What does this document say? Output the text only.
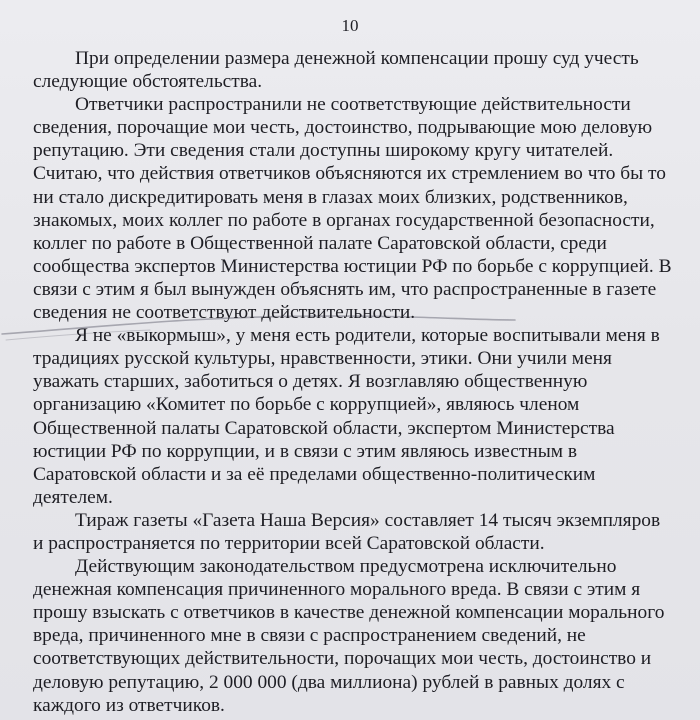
10
При определении размера денежной компенсации прошу суд учесть
следующие обстоятельства.
Ответчики распространили не соответствующие действительности
сведения, порочащие мои честь, достоинство, подрывающие мою деловую
репутацию. Эти сведения стали доступны широкому кругу читателей.
Считаю, что действия ответчиков объясняются их стремлением во что бы то
ни стало дискредитировать меня в глазах моих близких, родственников,
знакомых, моих коллег по работе в органах государственной безопасности,
коллег по работе в Общественной палате Саратовской области, среди
сообщества экспертов Министерства юстиции РФ по борьбе с коррупцией. В
связи с этим я был вынужден объяснять им, что распространенные в газете
сведения не соответствуют действительности.
Я не «выкормыш», у меня есть родители, которые воспитывали меня в
традициях русской культуры, нравственности, этики. Они учили меня
уважать старших, заботиться о детях. Я возглавляю общественную
организацию «Комитет по борьбе с коррупцией», являюсь членом
Общественной палаты Саратовской области, экспертом Министерства
юстиции РФ по коррупции, и в связи с этим являюсь известным в
Саратовской области и за её пределами общественно-политическим
деятелем.
Тираж газеты «Газета Наша Версия» составляет 14 тысяч экземпляров
и распространяется по территории всей Саратовской области.
Действующим законодательством предусмотрена исключительно
денежная компенсация причиненного морального вреда. В связи с этим я
прошу взыскать с ответчиков в качестве денежной компенсации морального
вреда, причиненного мне в связи с распространением сведений, не
соответствующих действительности, порочащих мои честь, достоинство и
деловую репутацию, 2 000 000 (два миллиона) рублей в равных долях с
каждого из ответчиков.
